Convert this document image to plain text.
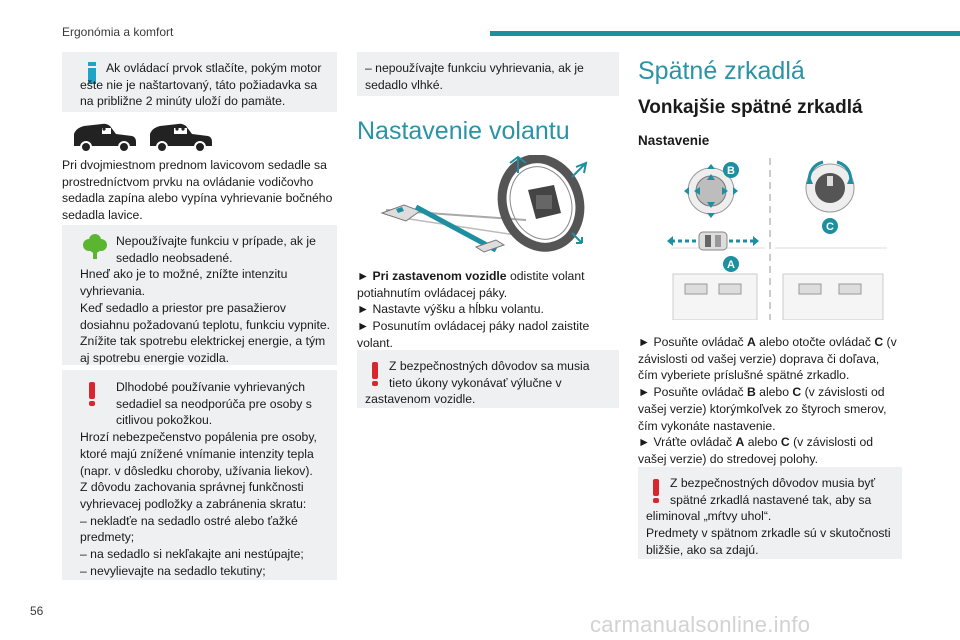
Ergonómia a komfort

Ak ovládací prvok stlačíte, pokým motor ešte nie je naštartovaný, táto požiadavka sa na približne 2 minúty uloží do pamäte.

Pri dvojmiestnom prednom lavicovom sedadle sa prostredníctvom prvku na ovládanie vodičovho sedadla zapína alebo vypína vyhrievanie bočného sedadla lavice.

Nepoužívajte funkciu v prípade, ak je sedadlo neobsadené.

Hneď ako je to možné, znížte intenzitu vyhrievania.

Keď sedadlo a priestor pre pasažierov dosiahnu požadovanú teplotu, funkciu vypnite. Znížite tak spotrebu elektrickej energie, a tým aj spotrebu energie vozidla.

Dlhodobé používanie vyhrievaných sedadiel sa neodporúča pre osoby s citlivou pokožkou.

Hrozí nebezpečenstvo popálenia pre osoby, ktoré majú znížené vnímanie intenzity tepla (napr. v dôsledku choroby, užívania liekov).

Z dôvodu zachovania správnej funkčnosti vyhrievacej podložky a zabránenia skratu:

– nekladťe na sedadlo ostré alebo ťažké predmety;

– na sedadlo si nekľakajte ani nestúpajte;

– nevylievajte na sedadlo tekutiny;

– nepoužívajte funkciu vyhrievania, ak je sedadlo vlhké.
Nastavenie volantu

► Pri zastavenom vozidle odistite volant potiahnutím ovládacej páky.

► Nastavte výšku a hĺbku volantu.

► Posunutím ovládacej páky nadol zaistite volant.

Z bezpečnostných dôvodov sa musia tieto úkony vykonávať výlučne v

zastavenom vozidle.

Spätné zrkadlá
Vonkajšie spätné zrkadlá
Nastavenie
B
A
C

► Posuňte ovládač A alebo otočte ovládač C (v závislosti od vašej verzie) doprava či doľava, čím vyberiete príslušné spätné zrkadlo.

► Posuňte ovládač B alebo C (v závislosti od vašej verzie) ktorýmkoľvek zo štyroch smerov, čím vykonáte nastavenie.

► Vráťte ovládač A alebo C (v závislosti od vašej verzie) do stredovej polohy.

Z bezpečnostných dôvodov musia byť spätné zrkadlá nastavené tak, aby sa

eliminoval „mŕtvy uhol“.

Predmety v spätnom zrkadle sú v skutočnosti bližšie, ako sa zdajú.

56
carmanualsonline.info
